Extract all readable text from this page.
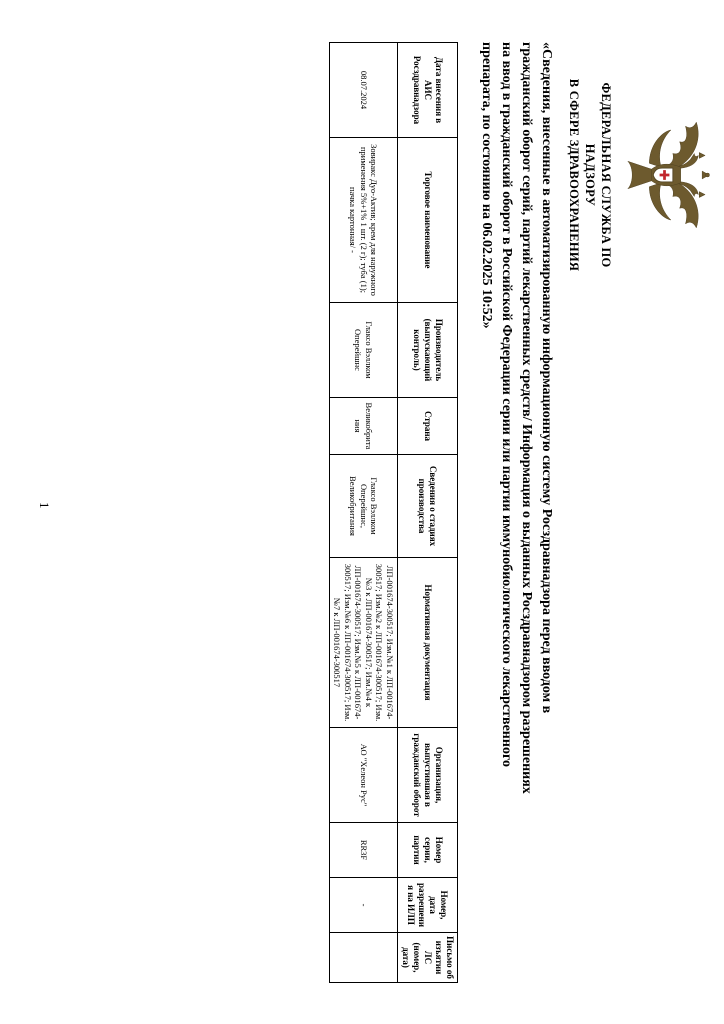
ФЕДЕРАЛЬНАЯ СЛУЖБА ПО НАДЗОРУ
В СФЕРЕ ЗДРАВООХРАНЕНИЯ
«Сведения, внесенные в автоматизированную информационную систему Росздравнадзора перед вводом в
гражданский оборот серий, партий лекарственных средств/ Информация о выданных Росздравнадзором разрешениях
на ввод в гражданский оборот в Российской Федерации серии или партии иммунобиологического лекарственного
препарата, по состоянию на 06.02.2025 10:52»
Дата внесения в АИС Росздравнадзора	Торговое наименование	Производитель (выпускающий контроль)	Страна	Сведения о стадиях производства	Нормативная документация	Организация, выпустившая в гражданский оборот	Номер серии, партии	Номер, дата разрешения на ИЛП	Письмо об изъятии ЛС (номер, дата)
08.07.2024	Зовиракс Дуо-Актив; крем для наружного применения 5%+1% 1 шт. (2 г); туба (1); пачка картонная/ -	Глаксо Вэллком Оперейшнс	Великобритания	Глаксо Вэллком Оперейшнс, Великобритания	ЛП-001674-300517; Изм.№1 к ЛП-001674-300517; Изм.№2 к ЛП-001674-300517; Изм.№3 к ЛП-001674-300517; Изм.№4 к ЛП-001674-300517; Изм.№5 к ЛП-001674-300517; Изм.№6 к ЛП-001674-300517; Изм.№7 к ЛП-001674-300517	АО "Хелеон Рус"	RR3F	-	
1
